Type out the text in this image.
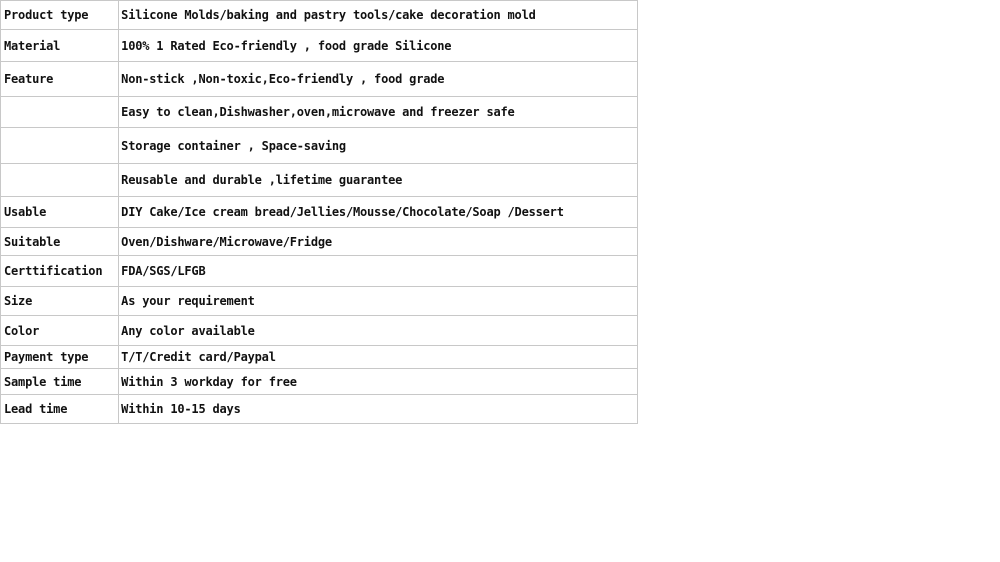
Product type	Silicone Molds/baking and pastry tools/cake decoration mold
Material	100% 1 Rated Eco-friendly , food grade Silicone
Feature	Non-stick ,Non-toxic,Eco-friendly , food grade
	Easy to clean,Dishwasher,oven,microwave and freezer safe
	Storage container , Space-saving
	Reusable and durable ,lifetime guarantee
Usable	DIY Cake/Ice cream bread/Jellies/Mousse/Chocolate/Soap /Dessert
Suitable	Oven/Dishware/Microwave/Fridge
Certtification	FDA/SGS/LFGB
Size	As your requirement
Color	Any color available
Payment type	T/T/Credit card/Paypal
Sample time	Within 3 workday for free
Lead time	Within 10-15 days
